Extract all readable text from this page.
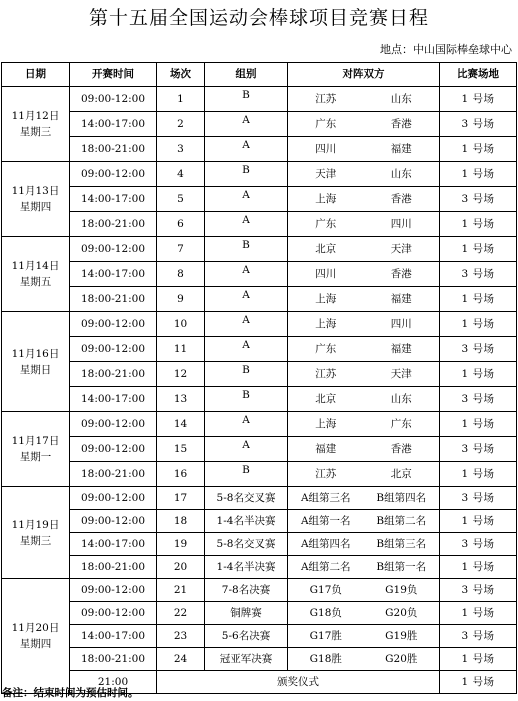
第十五届全国运动会棒球项目竞赛日程
地点：中山国际棒垒球中心
日期	开赛时间	场次	组别	对阵双方		比赛场地
11月12日
星期三	09:00-12:00	1	B	江苏	山东	1 号场
	14:00-17:00	2	A	广东	香港	3 号场
	18:00-21:00	3	A	四川	福建	1 号场
11月13日
星期四	09:00-12:00	4	B	天津	山东	1 号场
	14:00-17:00	5	A	上海	香港	3 号场
	18:00-21:00	6	A	广东	四川	1 号场
11月14日
星期五	09:00-12:00	7	B	北京	天津	1 号场
	14:00-17:00	8	A	四川	香港	3 号场
	18:00-21:00	9	A	上海	福建	1 号场
11月16日
星期日	09:00-12:00	10	A	上海	四川	1 号场
	09:00-12:00	11	A	广东	福建	3 号场
	18:00-21:00	12	B	江苏	天津	1 号场
	14:00-17:00	13	B	北京	山东	3 号场
11月17日
星期一	09:00-12:00	14	A	上海	广东	1 号场
	09:00-12:00	15	A	福建	香港	3 号场
	18:00-21:00	16	B	江苏	北京	1 号场
11月19日
星期三	09:00-12:00	17	5-8名交叉赛	A组第三名	B组第四名	3 号场
	09:00-12:00	18	1-4名半决赛	A组第一名	B组第二名	1 号场
	14:00-17:00	19	5-8名交叉赛	A组第四名	B组第三名	3 号场
	18:00-21:00	20	1-4名半决赛	A组第二名	B组第一名	1 号场
11月20日
星期四	09:00-12:00	21	7-8名决赛	G17负	G19负	3 号场
	09:00-12:00	22	铜牌赛	G18负	G20负	1 号场
	14:00-17:00	23	5-6名决赛	G17胜	G19胜	3 号场
	18:00-21:00	24	冠亚军决赛	G18胜	G20胜	1 号场
	21:00	颁奖仪式				1 号场
备注：结束时间为预估时间。
